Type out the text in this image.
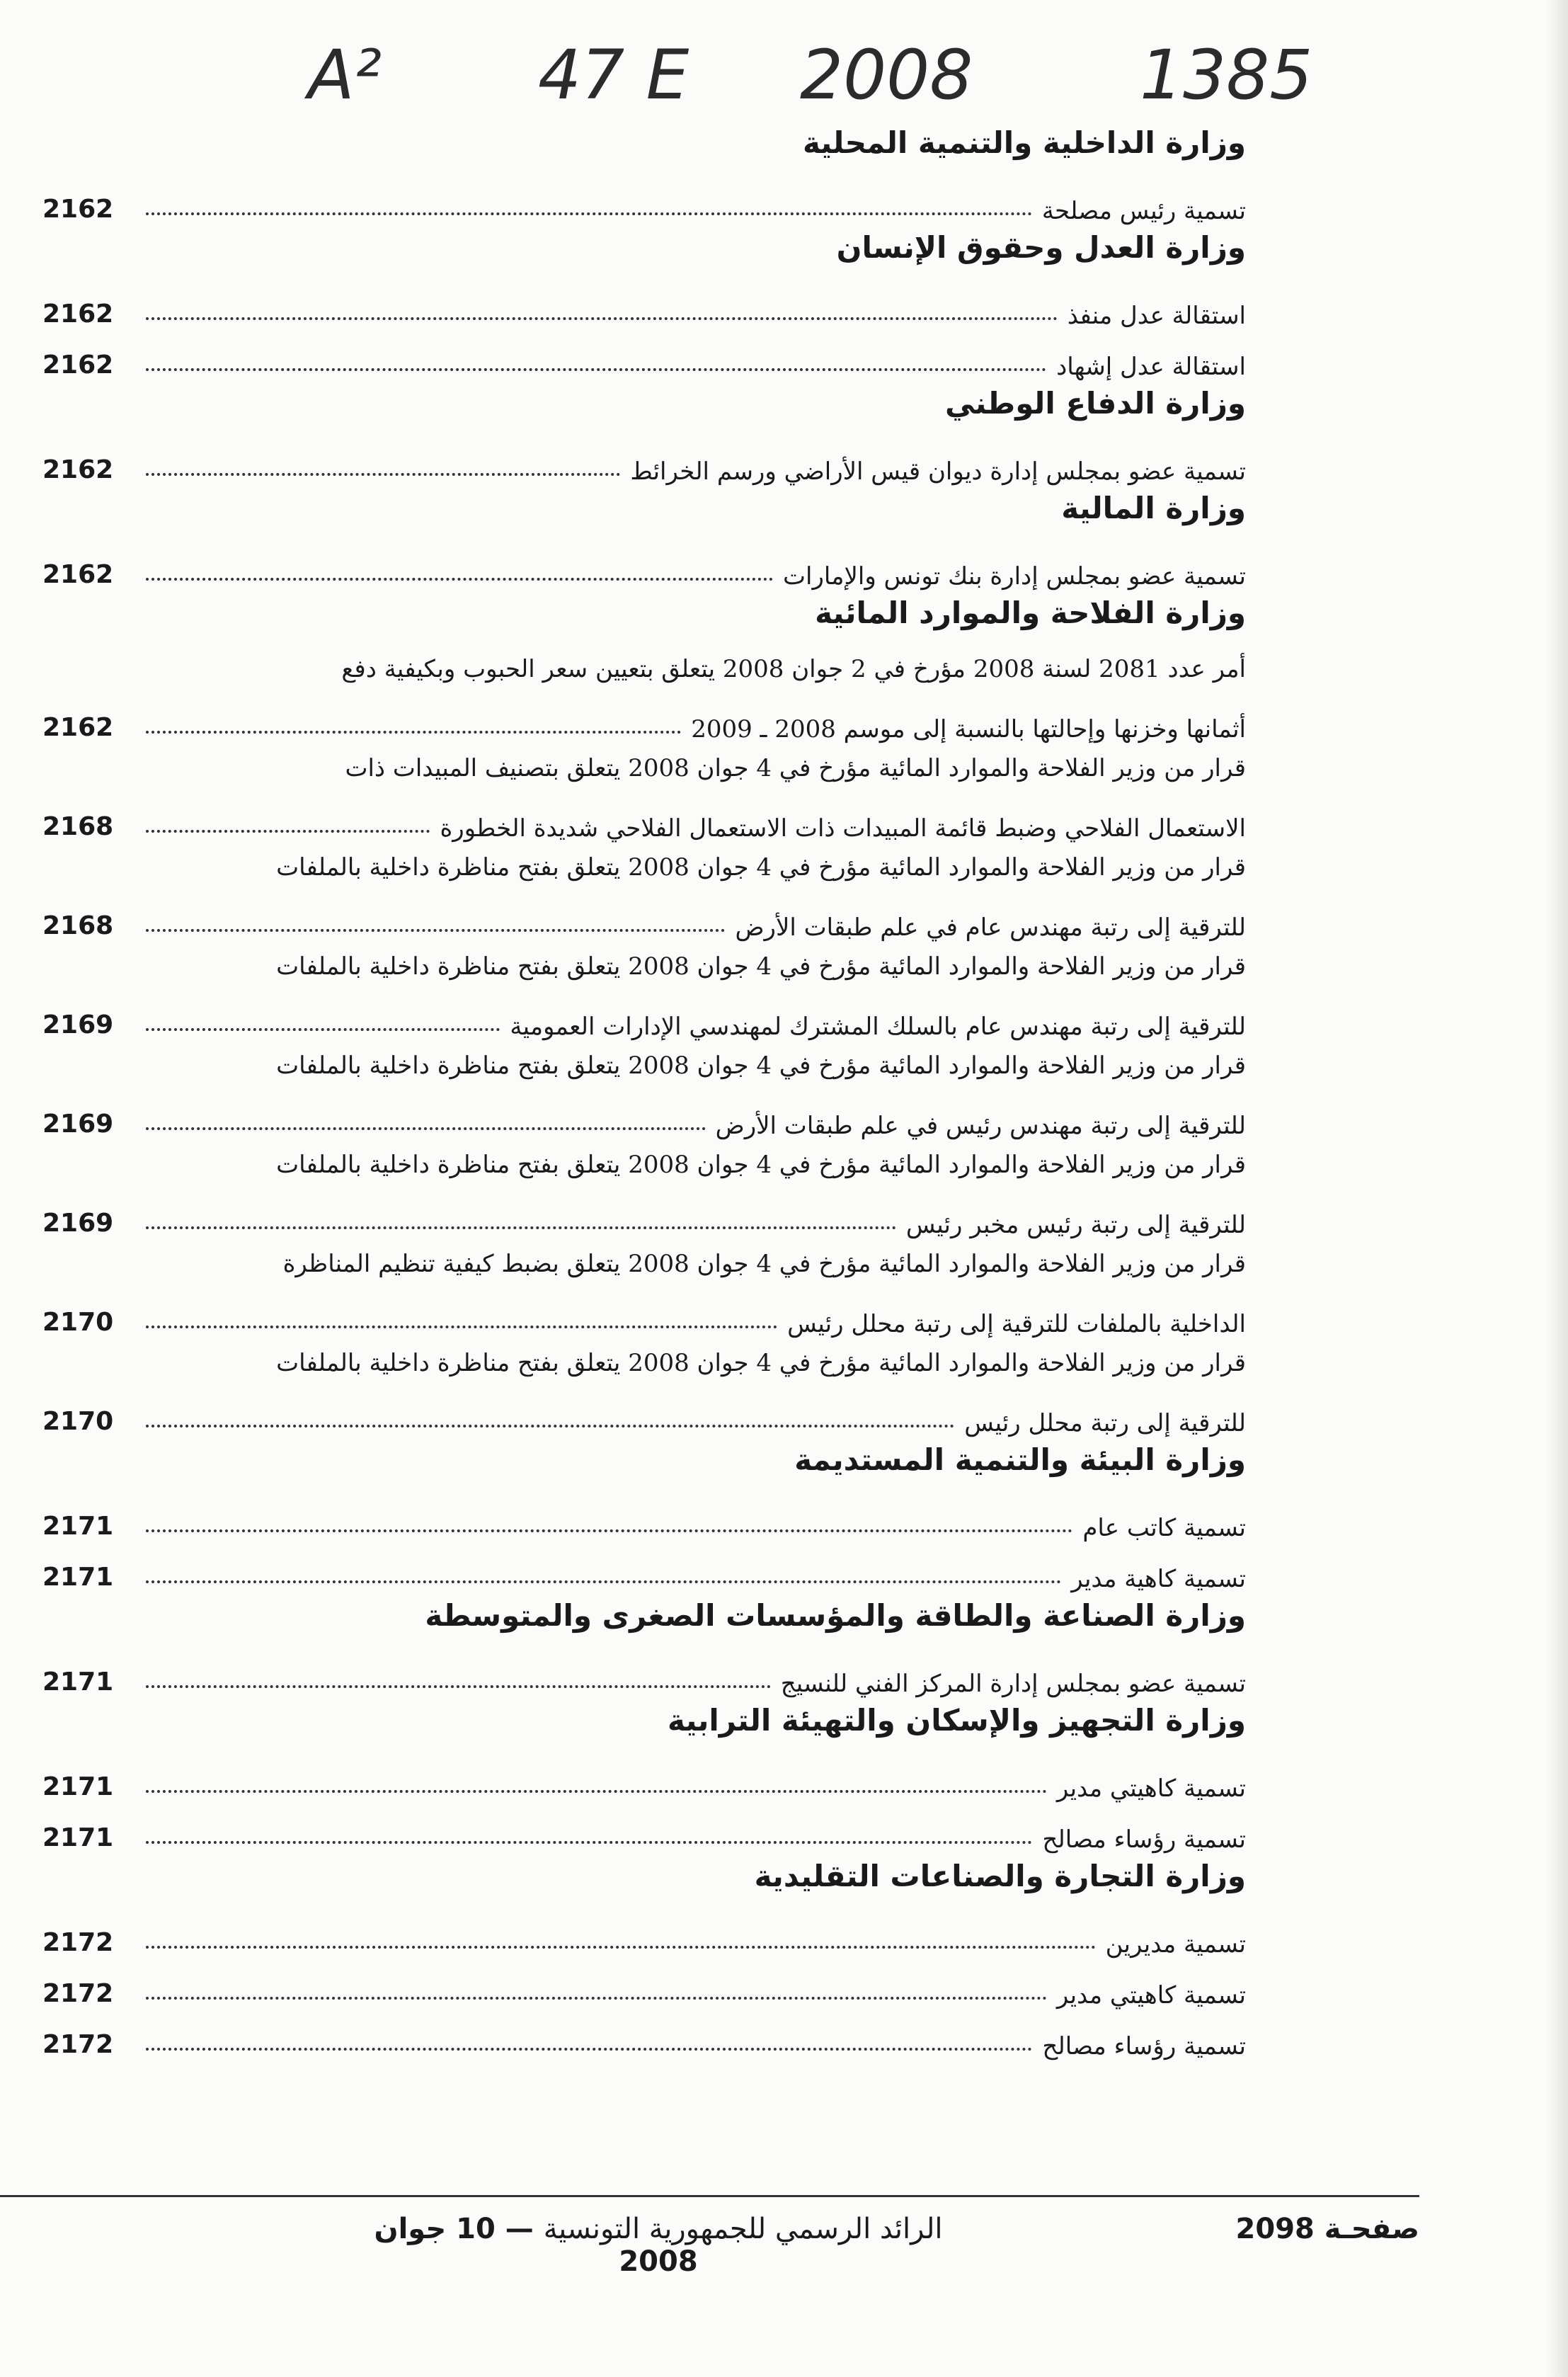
A² 47 E 2008 1385
وزارة الداخلية والتنمية المحلية
تسمية رئيس مصلحة
2162
وزارة العدل وحقوق الإنسان
استقالة عدل منفذ
2162
استقالة عدل إشهاد
2162
وزارة الدفاع الوطني
تسمية عضو بمجلس إدارة ديوان قيس الأراضي ورسم الخرائط
2162
وزارة المالية
تسمية عضو بمجلس إدارة بنك تونس والإمارات
2162
وزارة الفلاحة والموارد المائية
أمر عدد 2081 لسنة 2008 مؤرخ في 2 جوان 2008 يتعلق بتعيين سعر الحبوب وبكيفية دفع
أثمانها وخزنها وإحالتها بالنسبة إلى موسم 2008 ـ 2009
2162
قرار من وزير الفلاحة والموارد المائية مؤرخ في 4 جوان 2008 يتعلق بتصنيف المبيدات ذات
الاستعمال الفلاحي وضبط قائمة المبيدات ذات الاستعمال الفلاحي شديدة الخطورة
2168
قرار من وزير الفلاحة والموارد المائية مؤرخ في 4 جوان 2008 يتعلق بفتح مناظرة داخلية بالملفات
للترقية إلى رتبة مهندس عام في علم طبقات الأرض
2168
قرار من وزير الفلاحة والموارد المائية مؤرخ في 4 جوان 2008 يتعلق بفتح مناظرة داخلية بالملفات
للترقية إلى رتبة مهندس عام بالسلك المشترك لمهندسي الإدارات العمومية
2169
قرار من وزير الفلاحة والموارد المائية مؤرخ في 4 جوان 2008 يتعلق بفتح مناظرة داخلية بالملفات
للترقية إلى رتبة مهندس رئيس في علم طبقات الأرض
2169
قرار من وزير الفلاحة والموارد المائية مؤرخ في 4 جوان 2008 يتعلق بفتح مناظرة داخلية بالملفات
للترقية إلى رتبة رئيس مخبر رئيس
2169
قرار من وزير الفلاحة والموارد المائية مؤرخ في 4 جوان 2008 يتعلق بضبط كيفية تنظيم المناظرة
الداخلية بالملفات للترقية إلى رتبة محلل رئيس
2170
قرار من وزير الفلاحة والموارد المائية مؤرخ في 4 جوان 2008 يتعلق بفتح مناظرة داخلية بالملفات
للترقية إلى رتبة محلل رئيس
2170
وزارة البيئة والتنمية المستديمة
تسمية كاتب عام
2171
تسمية كاهية مدير
2171
وزارة الصناعة والطاقة والمؤسسات الصغرى والمتوسطة
تسمية عضو بمجلس إدارة المركز الفني للنسيج
2171
وزارة التجهيز والإسكان والتهيئة الترابية
تسمية كاهيتي مدير
2171
تسمية رؤساء مصالح
2171
وزارة التجارة والصناعات التقليدية
تسمية مديرين
2172
تسمية كاهيتي مدير
2172
تسمية رؤساء مصالح
2172
صفحـة 2098
الرائد الرسمي للجمهورية التونسية — 10 جوان 2008
